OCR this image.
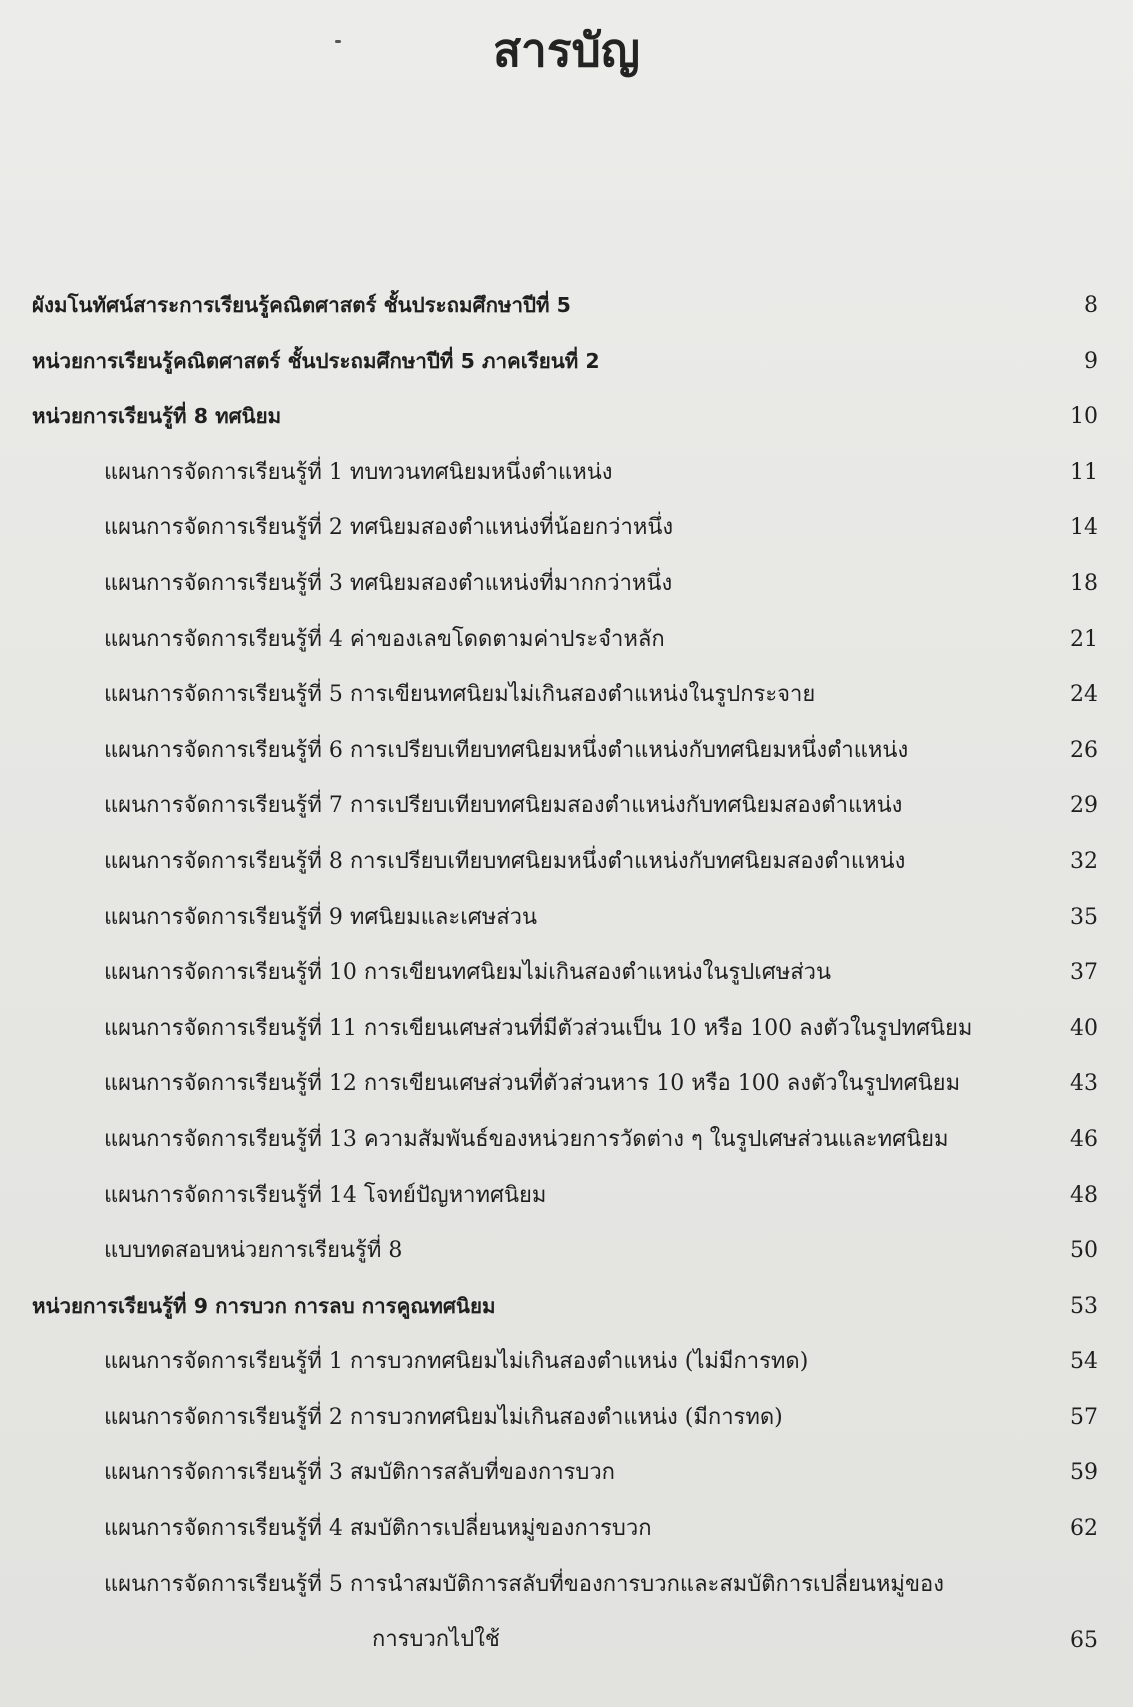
สารบัญ
ผังมโนทัศน์สาระการเรียนรู้คณิตศาสตร์ ชั้นประถมศึกษาปีที่ 5	8
หน่วยการเรียนรู้คณิตศาสตร์ ชั้นประถมศึกษาปีที่ 5 ภาคเรียนที่ 2	9
หน่วยการเรียนรู้ที่ 8 ทศนิยม	10
แผนการจัดการเรียนรู้ที่ 1 ทบทวนทศนิยมหนึ่งตำแหน่ง	11
แผนการจัดการเรียนรู้ที่ 2 ทศนิยมสองตำแหน่งที่น้อยกว่าหนึ่ง	14
แผนการจัดการเรียนรู้ที่ 3 ทศนิยมสองตำแหน่งที่มากกว่าหนึ่ง	18
แผนการจัดการเรียนรู้ที่ 4 ค่าของเลขโดดตามค่าประจำหลัก	21
แผนการจัดการเรียนรู้ที่ 5 การเขียนทศนิยมไม่เกินสองตำแหน่งในรูปกระจาย	24
แผนการจัดการเรียนรู้ที่ 6 การเปรียบเทียบทศนิยมหนึ่งตำแหน่งกับทศนิยมหนึ่งตำแหน่ง	26
แผนการจัดการเรียนรู้ที่ 7 การเปรียบเทียบทศนิยมสองตำแหน่งกับทศนิยมสองตำแหน่ง	29
แผนการจัดการเรียนรู้ที่ 8 การเปรียบเทียบทศนิยมหนึ่งตำแหน่งกับทศนิยมสองตำแหน่ง	32
แผนการจัดการเรียนรู้ที่ 9 ทศนิยมและเศษส่วน	35
แผนการจัดการเรียนรู้ที่ 10 การเขียนทศนิยมไม่เกินสองตำแหน่งในรูปเศษส่วน	37
แผนการจัดการเรียนรู้ที่ 11 การเขียนเศษส่วนที่มีตัวส่วนเป็น 10 หรือ 100 ลงตัวในรูปทศนิยม	40
แผนการจัดการเรียนรู้ที่ 12 การเขียนเศษส่วนที่ตัวส่วนหาร 10 หรือ 100 ลงตัวในรูปทศนิยม	43
แผนการจัดการเรียนรู้ที่ 13 ความสัมพันธ์ของหน่วยการวัดต่าง ๆ ในรูปเศษส่วนและทศนิยม	46
แผนการจัดการเรียนรู้ที่ 14 โจทย์ปัญหาทศนิยม	48
แบบทดสอบหน่วยการเรียนรู้ที่ 8	50
หน่วยการเรียนรู้ที่ 9 การบวก การลบ การคูณทศนิยม	53
แผนการจัดการเรียนรู้ที่ 1 การบวกทศนิยมไม่เกินสองตำแหน่ง (ไม่มีการทด)	54
แผนการจัดการเรียนรู้ที่ 2 การบวกทศนิยมไม่เกินสองตำแหน่ง (มีการทด)	57
แผนการจัดการเรียนรู้ที่ 3 สมบัติการสลับที่ของการบวก	59
แผนการจัดการเรียนรู้ที่ 4 สมบัติการเปลี่ยนหมู่ของการบวก	62
แผนการจัดการเรียนรู้ที่ 5 การนำสมบัติการสลับที่ของการบวกและสมบัติการเปลี่ยนหมู่ของ
การบวกไปใช้	65
